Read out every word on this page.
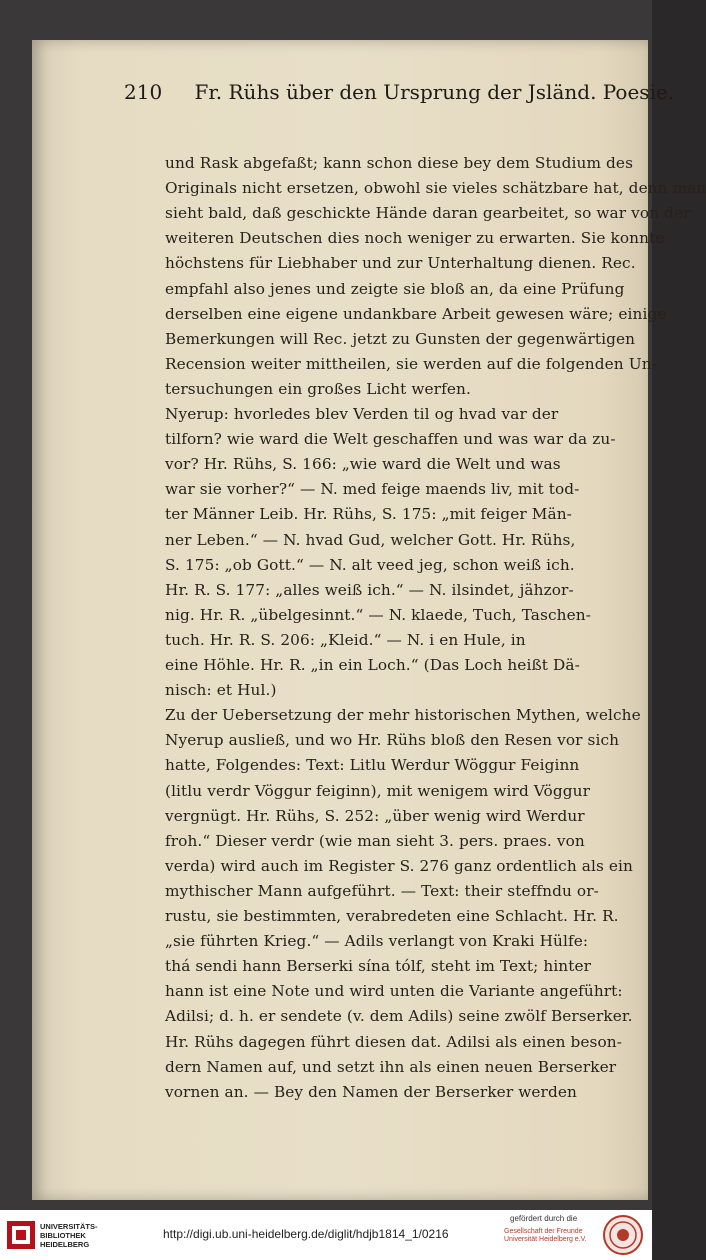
210 Fr. Rühs über den Ursprung der Jsländ. Poesie.
und Rask abgefaßt; kann schon diese bey dem Studium des
Originals nicht ersetzen, obwohl sie vieles schätzbare hat, denn man
sieht bald, daß geschickte Hände daran gearbeitet, so war von der
weiteren Deutschen dies noch weniger zu erwarten. Sie konnte
höchstens für Liebhaber und zur Unterhaltung dienen. Rec.
empfahl also jenes und zeigte sie bloß an, da eine Prüfung
derselben eine eigene undankbare Arbeit gewesen wäre; einige
Bemerkungen will Rec. jetzt zu Gunsten der gegenwärtigen
Recension weiter mittheilen, sie werden auf die folgenden Un-
tersuchungen ein großes Licht werfen.
Nyerup: hvorledes blev Verden til og hvad var der
tilforn? wie ward die Welt geschaffen und was war da zu-
vor? Hr. Rühs, S. 166: „wie ward die Welt und was
war sie vorher?“ — N. med feige maends liv, mit tod-
ter Männer Leib. Hr. Rühs, S. 175: „mit feiger Män-
ner Leben.“ — N. hvad Gud, welcher Gott. Hr. Rühs,
S. 175: „ob Gott.“ — N. alt veed jeg, schon weiß ich.
Hr. R. S. 177: „alles weiß ich.“ — N. ilsindet, jähzor-
nig. Hr. R. „übelgesinnt.“ — N. klaede, Tuch, Taschen-
tuch. Hr. R. S. 206: „Kleid.“ — N. i en Hule, in
eine Höhle. Hr. R. „in ein Loch.“ (Das Loch heißt Dä-
nisch: et Hul.)
Zu der Uebersetzung der mehr historischen Mythen, welche
Nyerup ausließ, und wo Hr. Rühs bloß den Resen vor sich
hatte, Folgendes: Text: Litlu Werdur Wöggur Feiginn
(litlu verdr Vöggur feiginn), mit wenigem wird Vöggur
vergnügt. Hr. Rühs, S. 252: „über wenig wird Werdur
froh.“ Dieser verdr (wie man sieht 3. pers. praes. von
verda) wird auch im Register S. 276 ganz ordentlich als ein
mythischer Mann aufgeführt. — Text: their steffndu or-
rustu, sie bestimmten, verabredeten eine Schlacht. Hr. R.
„sie führten Krieg.“ — Adils verlangt von Kraki Hülfe:
thá sendi hann Berserki sína tólf, steht im Text; hinter
hann ist eine Note und wird unten die Variante angeführt:
Adilsi; d. h. er sendete (v. dem Adils) seine zwölf Berserker.
Hr. Rühs dagegen führt diesen dat. Adilsi als einen beson-
dern Namen auf, und setzt ihn als einen neuen Berserker
vornen an. — Bey den Namen der Berserker werden
UNIVERSITÄTS-
BIBLIOTHEK
HEIDELBERG
http://digi.ub.uni-heidelberg.de/diglit/hdjb1814_1/0216
gefördert durch die
Gesellschaft der Freunde
Universität Heidelberg e.V.
